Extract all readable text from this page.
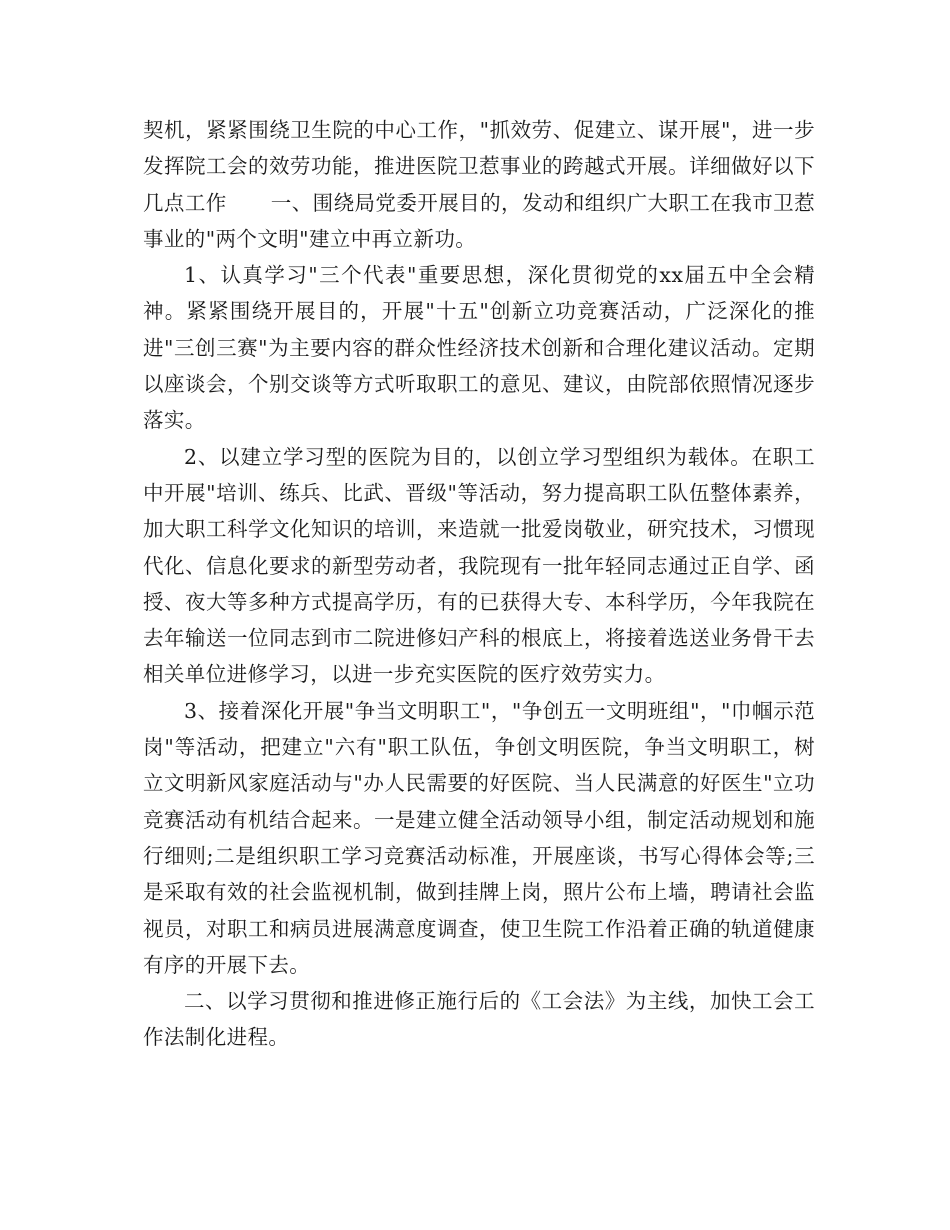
契机，紧紧围绕卫生院的中心工作，"抓效劳、促建立、谋开展"，进一步发挥院工会的效劳功能，推进医院卫惹事业的跨越式开展。详细做好以下几点工作 一、围绕局党委开展目的，发动和组织广大职工在我市卫惹事业的"两个文明"建立中再立新功。

1、认真学习"三个代表"重要思想，深化贯彻党的xx届五中全会精神。紧紧围绕开展目的，开展"十五"创新立功竞赛活动，广泛深化的推进"三创三赛"为主要内容的群众性经济技术创新和合理化建议活动。定期以座谈会，个别交谈等方式听取职工的意见、建议，由院部依照情况逐步落实。

2、以建立学习型的医院为目的，以创立学习型组织为载体。在职工中开展"培训、练兵、比武、晋级"等活动，努力提高职工队伍整体素养，加大职工科学文化知识的培训，来造就一批爱岗敬业，研究技术，习惯现代化、信息化要求的新型劳动者，我院现有一批年轻同志通过正自学、函授、夜大等多种方式提高学历，有的已获得大专、本科学历，今年我院在去年输送一位同志到市二院进修妇产科的根底上，将接着选送业务骨干去相关单位进修学习，以进一步充实医院的医疗效劳实力。

3、接着深化开展"争当文明职工"，"争创五一文明班组"，"巾帼示范岗"等活动，把建立"六有"职工队伍，争创文明医院，争当文明职工，树立文明新风家庭活动与"办人民需要的好医院、当人民满意的好医生"立功竞赛活动有机结合起来。一是建立健全活动领导小组，制定活动规划和施行细则;二是组织职工学习竞赛活动标准，开展座谈，书写心得体会等;三是采取有效的社会监视机制，做到挂牌上岗，照片公布上墙，聘请社会监视员，对职工和病员进展满意度调查，使卫生院工作沿着正确的轨道健康有序的开展下去。

二、以学习贯彻和推进修正施行后的《工会法》为主线，加快工会工作法制化进程。
